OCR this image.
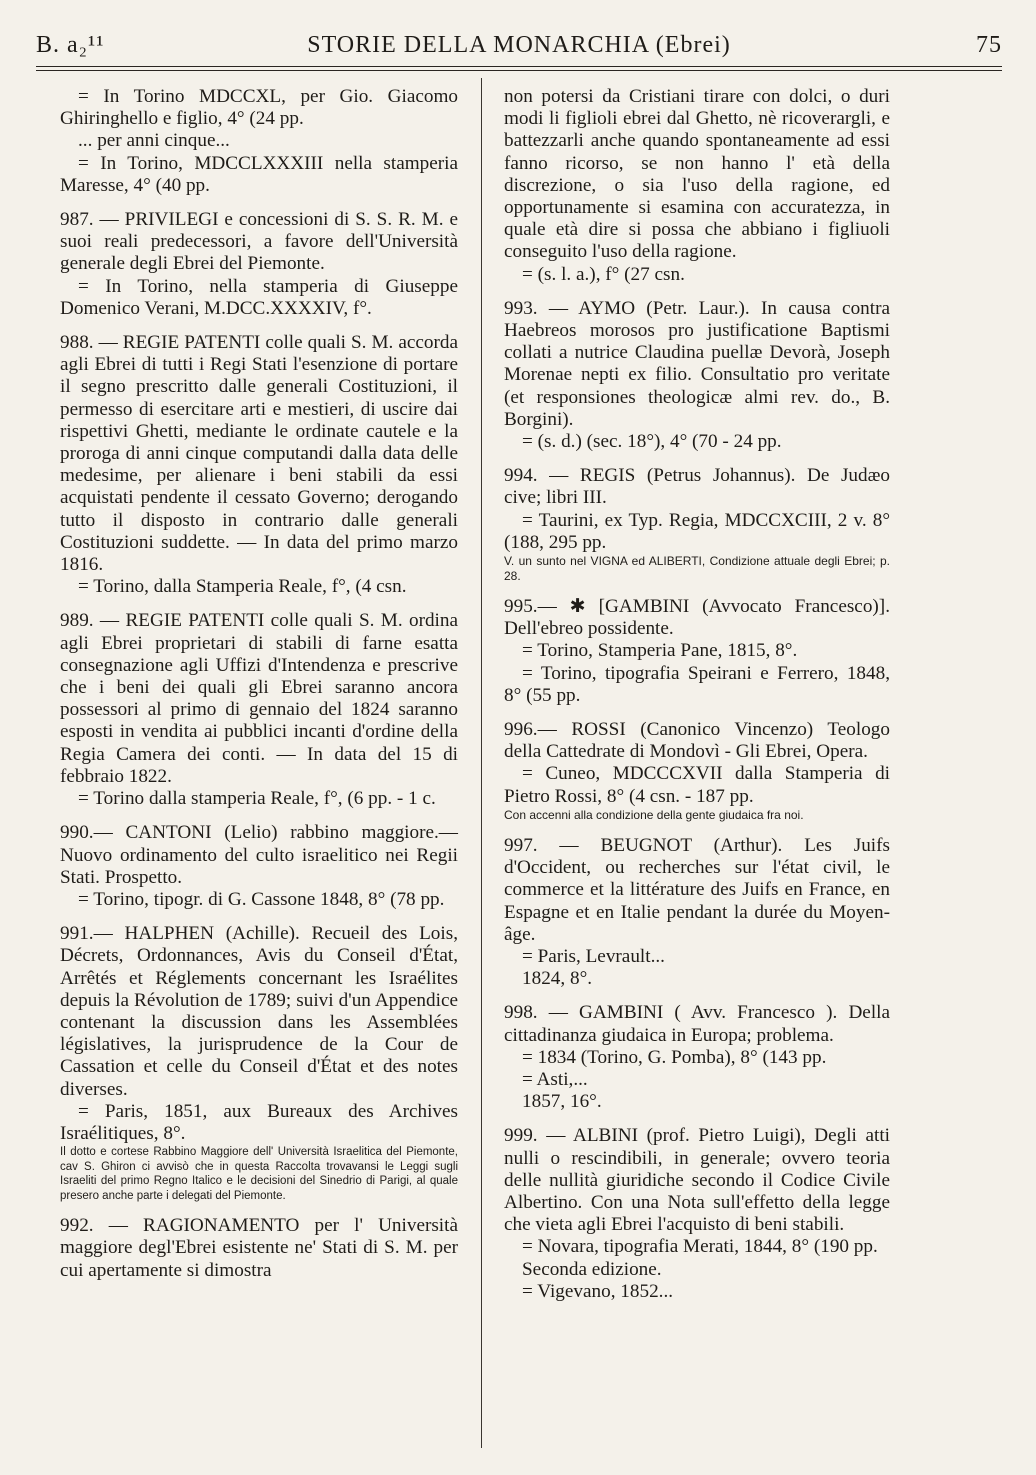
B. a₂¹¹	STORIE DELLA MONARCHIA (Ebrei)	75

= In Torino MDCCXL, per Gio. Giacomo Ghiringhello e figlio, 4° (24 pp.

... per anni cinque...

= In Torino, MDCCLXXXIII nella stamperia Maresse, 4° (40 pp.

987. — PRIVILEGI e concessioni di S. S. R. M. e suoi reali predecessori, a favore dell'Università generale degli Ebrei del Piemonte.

= In Torino, nella stamperia di Giuseppe Domenico Verani, M.DCC.XXXXIV, f°.

988. — REGIE PATENTI colle quali S. M. accorda agli Ebrei di tutti i Regi Stati l'esenzione di portare il segno prescritto dalle generali Costituzioni, il permesso di esercitare arti e mestieri, di uscire dai rispettivi Ghetti, mediante le ordinate cautele e la proroga di anni cinque computandi dalla data delle medesime, per alienare i beni stabili da essi acquistati pendente il cessato Governo; derogando tutto il disposto in contrario dalle generali Costituzioni suddette. — In data del primo marzo 1816.

= Torino, dalla Stamperia Reale, f°, (4 csn.

989. — REGIE PATENTI colle quali S. M. ordina agli Ebrei proprietari di stabili di farne esatta consegnazione agli Uffizi d'Intendenza e prescrive che i beni dei quali gli Ebrei saranno ancora possessori al primo di gennaio del 1824 saranno esposti in vendita ai pubblici incanti d'ordine della Regia Camera dei conti. — In data del 15 di febbraio 1822.

= Torino dalla stamperia Reale, f°, (6 pp. - 1 c.

990.— CANTONI (Lelio) rabbino maggiore.— Nuovo ordinamento del culto israelitico nei Regii Stati. Prospetto.

= Torino, tipogr. di G. Cassone 1848, 8° (78 pp.

991.— HALPHEN (Achille). Recueil des Lois, Décrets, Ordonnances, Avis du Conseil d'État, Arrêtés et Réglements concernant les Israélites depuis la Révolution de 1789; suivi d'un Appendice contenant la discussion dans les Assemblées législatives, la jurisprudence de la Cour de Cassation et celle du Conseil d'État et des notes diverses.

= Paris, 1851, aux Bureaux des Archives Israélitiques, 8°.

Il dotto e cortese Rabbino Maggiore dell' Università Israelitica del Piemonte, cav S. Ghiron ci avvisò che in questa Raccolta trovavansi le Leggi sugli Israeliti del primo Regno Italico e le decisioni del Sinedrio di Parigi, al quale presero anche parte i delegati del Piemonte.

992. — RAGIONAMENTO per l' Università maggiore degl'Ebrei esistente ne' Stati di S. M. per cui apertamente si dimostra

non potersi da Cristiani tirare con dolci, o duri modi li figlioli ebrei dal Ghetto, nè ricoverargli, e battezzarli anche quando spontaneamente ad essi fanno ricorso, se non hanno l' età della discrezione, o sia l'uso della ragione, ed opportunamente si esamina con accuratezza, in quale età dire si possa che abbiano i figliuoli conseguito l'uso della ragione.

= (s. l. a.), f° (27 csn.

993. — AYMO (Petr. Laur.). In causa contra Haebreos morosos pro justificatione Baptismi collati a nutrice Claudina puellæ Devorà, Joseph Morenae nepti ex filio. Consultatio pro veritate (et responsiones theologicæ almi rev. do., B. Borgini).

= (s. d.) (sec. 18°), 4° (70 - 24 pp.

994. — REGIS (Petrus Johannus). De Judæo cive; libri III.

= Taurini, ex Typ. Regia, MDCCXCIII, 2 v. 8° (188, 295 pp.

V. un sunto nel VIGNA ed ALIBERTI, Condizione attuale degli Ebrei; p. 28.

995.— ✱ [GAMBINI (Avvocato Francesco)]. Dell'ebreo possidente.

= Torino, Stamperia Pane, 1815, 8°.

= Torino, tipografia Speirani e Ferrero, 1848, 8° (55 pp.

996.— ROSSI (Canonico Vincenzo) Teologo della Cattedrate di Mondovì - Gli Ebrei, Opera.

= Cuneo, MDCCCXVII dalla Stamperia di Pietro Rossi, 8° (4 csn. - 187 pp.

Con accenni alla condizione della gente giudaica fra noi.

997. — BEUGNOT (Arthur). Les Juifs d'Occident, ou recherches sur l'état civil, le commerce et la littérature des Juifs en France, en Espagne et en Italie pendant la durée du Moyen-âge.

= Paris, Levrault...

1824, 8°.

998. — GAMBINI ( Avv. Francesco ). Della cittadinanza giudaica in Europa; problema.

= 1834 (Torino, G. Pomba), 8° (143 pp.

= Asti,...

1857, 16°.

999. — ALBINI (prof. Pietro Luigi), Degli atti nulli o rescindibili, in generale; ovvero teoria delle nullità giuridiche secondo il Codice Civile Albertino. Con una Nota sull'effetto della legge che vieta agli Ebrei l'acquisto di beni stabili.

= Novara, tipografia Merati, 1844, 8° (190 pp.

Seconda edizione.

= Vigevano, 1852...
